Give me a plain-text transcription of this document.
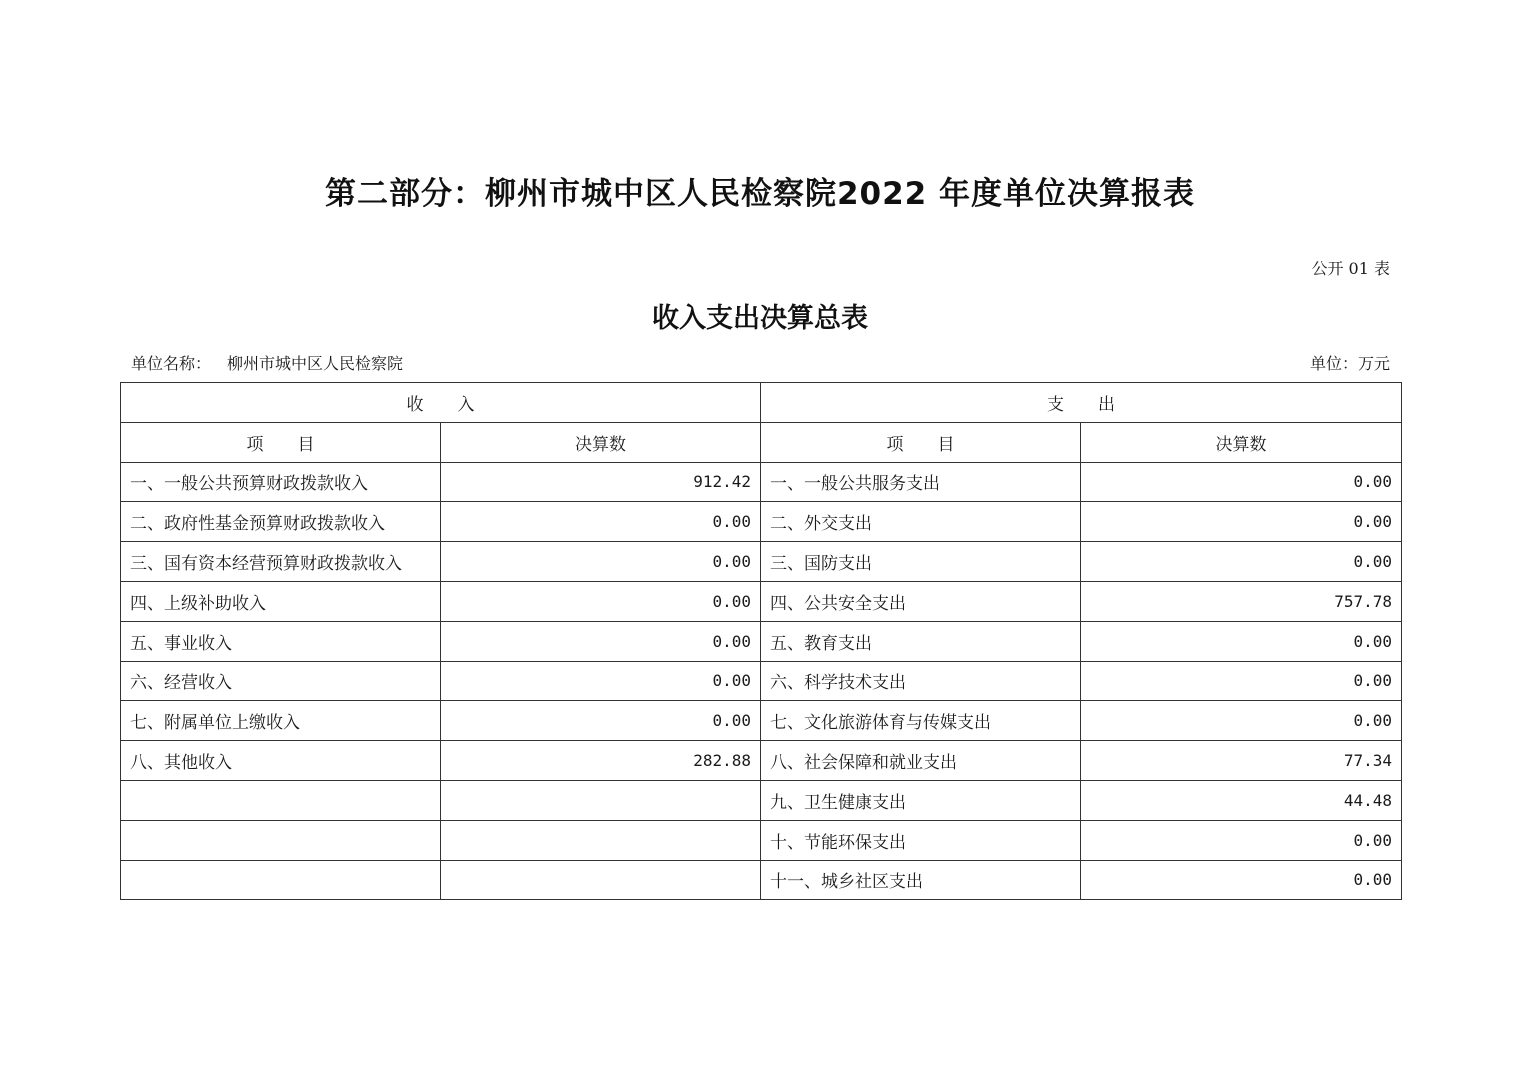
第二部分：柳州市城中区人民检察院2022 年度单位决算报表
公开 01 表
收入支出决算总表
单位名称： 柳州市城中区人民检察院	单位：万元
收　　入		支　　出	
项　　目	决算数	项　　目	决算数
一、一般公共预算财政拨款收入	912.42	一、一般公共服务支出	0.00
二、政府性基金预算财政拨款收入	0.00	二、外交支出	0.00
三、国有资本经营预算财政拨款收入	0.00	三、国防支出	0.00
四、上级补助收入	0.00	四、公共安全支出	757.78
五、事业收入	0.00	五、教育支出	0.00
六、经营收入	0.00	六、科学技术支出	0.00
七、附属单位上缴收入	0.00	七、文化旅游体育与传媒支出	0.00
八、其他收入	282.88	八、社会保障和就业支出	77.34
		九、卫生健康支出	44.48
		十、节能环保支出	0.00
		十一、城乡社区支出	0.00
